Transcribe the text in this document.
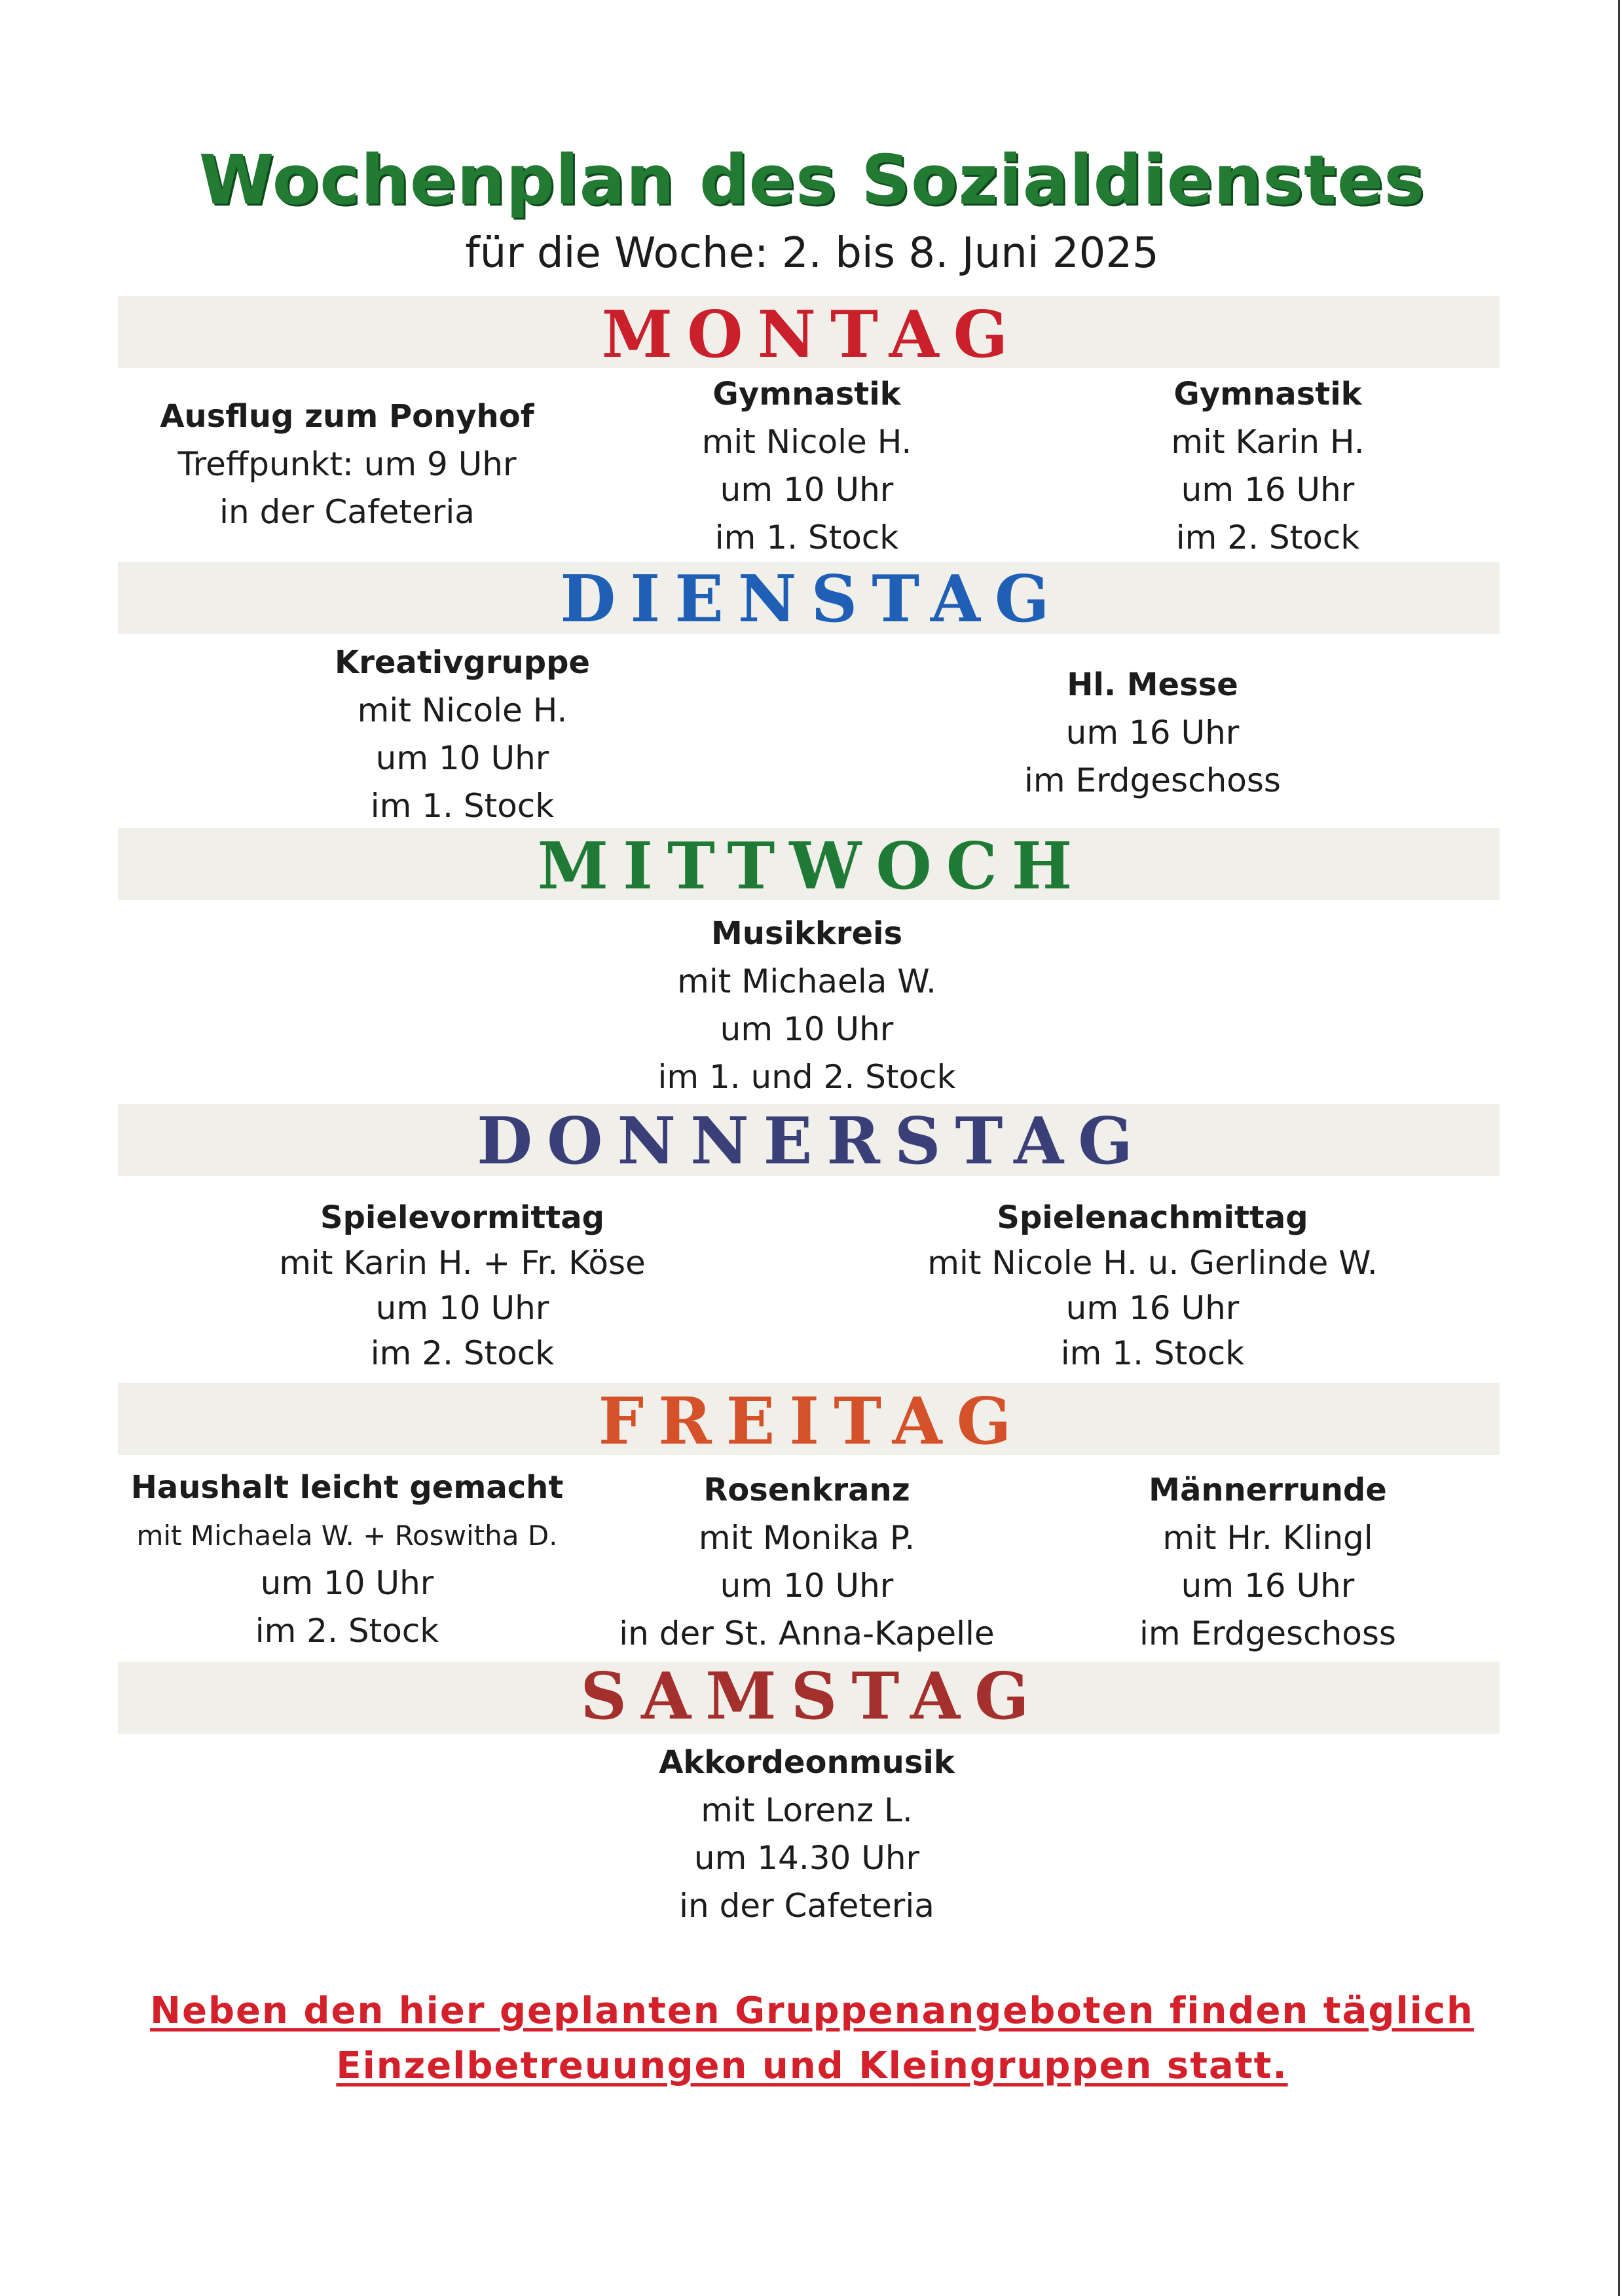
Wochenplan des Sozialdienstes
für die Woche: 2. bis 8. Juni 2025
MONTAG
Ausflug zum Ponyhof
Treffpunkt: um 9 Uhr
in der Cafeteria
Gymnastik
mit Nicole H.
um 10 Uhr
im 1. Stock
Gymnastik
mit Karin H.
um 16 Uhr
im 2. Stock
DIENSTAG
Kreativgruppe
mit Nicole H.
um 10 Uhr
im 1. Stock
Hl. Messe
um 16 Uhr
im Erdgeschoss
MITTWOCH
Musikkreis
mit Michaela W.
um 10 Uhr
im 1. und 2. Stock
DONNERSTAG
Spielevormittag
mit Karin H. + Fr. Köse
um 10 Uhr
im 2. Stock
Spielenachmittag
mit Nicole H. u. Gerlinde W.
um 16 Uhr
im 1. Stock
FREITAG
Haushalt leicht gemacht
mit Michaela W. + Roswitha D.
um 10 Uhr
im 2. Stock
Rosenkranz
mit Monika P.
um 10 Uhr
in der St. Anna-Kapelle
Männerrunde
mit Hr. Klingl
um 16 Uhr
im Erdgeschoss
SAMSTAG
Akkordeonmusik
mit Lorenz L.
um 14.30 Uhr
in der Cafeteria
Neben den hier geplanten Gruppenangeboten finden täglich
Einzelbetreuungen und Kleingruppen statt.
